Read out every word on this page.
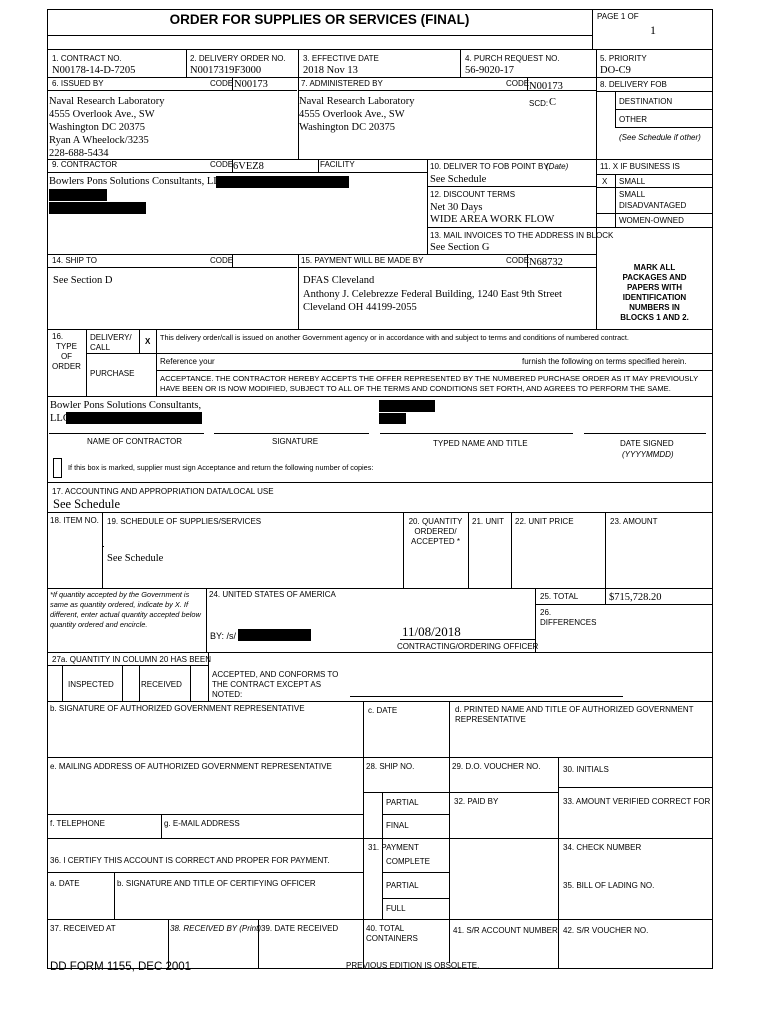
ORDER FOR SUPPLIES OR SERVICES (FINAL)	PAGE 1 OF
1
1. CONTRACT NO.
N00178-14-D-7205
2. DELIVERY ORDER NO.
N0017319F3000
3. EFFECTIVE DATE
2018 Nov 13
4. PURCH REQUEST NO.
56-9020-17
5. PRIORITY
DO-C9
6. ISSUED BY	CODE N00173
Naval Research Laboratory
4555 Overlook Ave., SW
Washington DC 20375
Ryan A Wheelock/3235
228-688-5434
7. ADMINISTERED BY	CODE N00173
Naval Research Laboratory
4555 Overlook Ave., SW
Washington DC 20375
SCD: C
8. DELIVERY FOB
DESTINATION
OTHER
(See Schedule if other)
9. CONTRACTOR	CODE 6VEZ8	FACILITY
Bowlers Pons Solutions Consultants, LLC
10. DELIVER TO FOB POINT BY
(Date)
See Schedule
11. X IF BUSINESS IS
X SMALL
SMALL
DISADVANTAGED
WOMEN-OWNED
12. DISCOUNT TERMS
Net 30 Days
WIDE AREA WORK FLOW
13. MAIL INVOICES TO THE ADDRESS IN BLOCK
See Section G
14. SHIP TO	CODE
See Section D
15. PAYMENT WILL BE MADE BY	CODE N68732
DFAS Cleveland
Anthony J. Celebrezze Federal Building, 1240 East 9th Street
Cleveland OH 44199-2055
MARK ALL
PACKAGES AND
PAPERS WITH
IDENTIFICATION
NUMBERS IN
BLOCKS 1 AND 2.
16.
TYPE
OF
ORDER
DELIVERY/
CALL
X This delivery order/call is issued on another Government agency or in accordance with and subject to terms and conditions of numbered contract.
PURCHASE
Reference your	furnish the following on terms specified herein.
ACCEPTANCE. THE CONTRACTOR HEREBY ACCEPTS THE OFFER REPRESENTED BY THE NUMBERED PURCHASE ORDER AS IT MAY PREVIOUSLY
HAVE BEEN OR IS NOW MODIFIED, SUBJECT TO ALL OF THE TERMS AND CONDITIONS SET FORTH, AND AGREES TO PERFORM THE SAME.
Bowler Pons Solutions Consultants,
LLC
NAME OF CONTRACTOR	SIGNATURE	TYPED NAME AND TITLE	DATE SIGNED
(YYYYMMDD)
If this box is marked, supplier must sign Acceptance and return the following number of copies:
17. ACCOUNTING AND APPROPRIATION DATA/LOCAL USE
See Schedule
18. ITEM NO. 19. SCHEDULE OF SUPPLIES/SERVICES
See Schedule
20. QUANTITY
ORDERED/
ACCEPTED *
21. UNIT 22. UNIT PRICE	23. AMOUNT
*If quantity accepted by the Government is
same as quantity ordered, indicate by X. If
different, enter actual quantity accepted below
quantity ordered and encircle.
24. UNITED STATES OF AMERICA
BY: /s/	11/08/2018
CONTRACTING/ORDERING OFFICER
25. TOTAL	$715,728.20
26.
DIFFERENCES
27a. QUANTITY IN COLUMN 20 HAS BEEN
INSPECTED	RECEIVED
ACCEPTED, AND CONFORMS TO
THE CONTRACT EXCEPT AS
NOTED:
b. SIGNATURE OF AUTHORIZED GOVERNMENT REPRESENTATIVE	c. DATE	d. PRINTED NAME AND TITLE OF AUTHORIZED GOVERNMENT
REPRESENTATIVE
e. MAILING ADDRESS OF AUTHORIZED GOVERNMENT REPRESENTATIVE	28. SHIP NO.	29. D.O. VOUCHER NO.	30. INITIALS
PARTIAL	32. PAID BY	33. AMOUNT VERIFIED CORRECT FOR
FINAL
f. TELEPHONE	g. E-MAIL ADDRESS
31. PAYMENT
COMPLETE
PARTIAL
FULL
34. CHECK NUMBER
36. I CERTIFY THIS ACCOUNT IS CORRECT AND PROPER FOR PAYMENT.
a. DATE	b. SIGNATURE AND TITLE OF CERTIFYING OFFICER	35. BILL OF LADING NO.
37. RECEIVED AT	38. RECEIVED BY (Print) 39. DATE RECEIVED	40. TOTAL
CONTAINERS
41. S/R ACCOUNT NUMBER 42. S/R VOUCHER NO.
DD FORM 1155, DEC 2001	PREVIOUS EDITION IS OBSOLETE.
